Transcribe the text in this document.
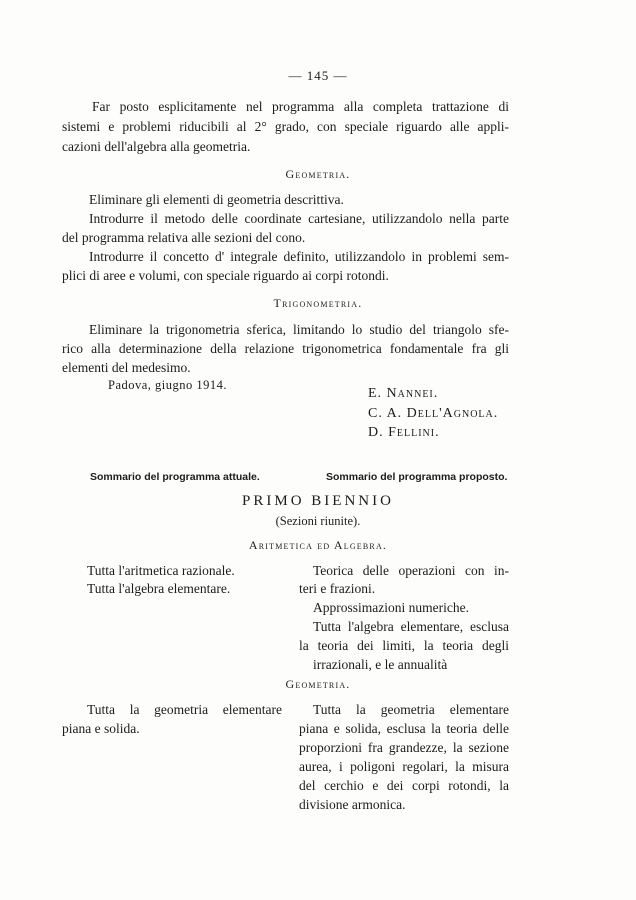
— 145 —
Far posto esplicitamente nel programma alla completa trattazione di
sistemi e problemi riducibili al 2° grado, con speciale riguardo alle appli-
cazioni dell'algebra alla geometria.
Geometria.
Eliminare gli elementi di geometria descrittiva.
Introdurre il metodo delle coordinate cartesiane, utilizzandolo nella parte
del programma relativa alle sezioni del cono.
Introdurre il concetto d' integrale definito, utilizzandolo in problemi sem-
plici di aree e volumi, con speciale riguardo ai corpi rotondi.
Trigonometria.
Eliminare la trigonometria sferica, limitando lo studio del triangolo sfe-
rico alla determinazione della relazione trigonometrica fondamentale fra gli
elementi del medesimo.
Padova, giugno 1914.
E. Nannei.
C. A. Dell'Agnola.
D. Fellini.
Sommario del programma attuale.	Sommario del programma proposto.
PRIMO BIENNIO
(Sezioni riunite).
Aritmetica ed Algebra.
Tutta l'aritmetica razionale.
Tutta l'algebra elementare.
Teorica delle operazioni con in-
teri e frazioni.
Approssimazioni numeriche.
Tutta l'algebra elementare, esclusa
la teoria dei limiti, la teoria degli
irrazionali, e le annualità
Geometria.
Tutta la geometria elementare
piana e solida.
Tutta la geometria elementare
piana e solida, esclusa la teoria delle
proporzioni fra grandezze, la sezione
aurea, i poligoni regolari, la misura
del cerchio e dei corpi rotondi, la
divisione armonica.
